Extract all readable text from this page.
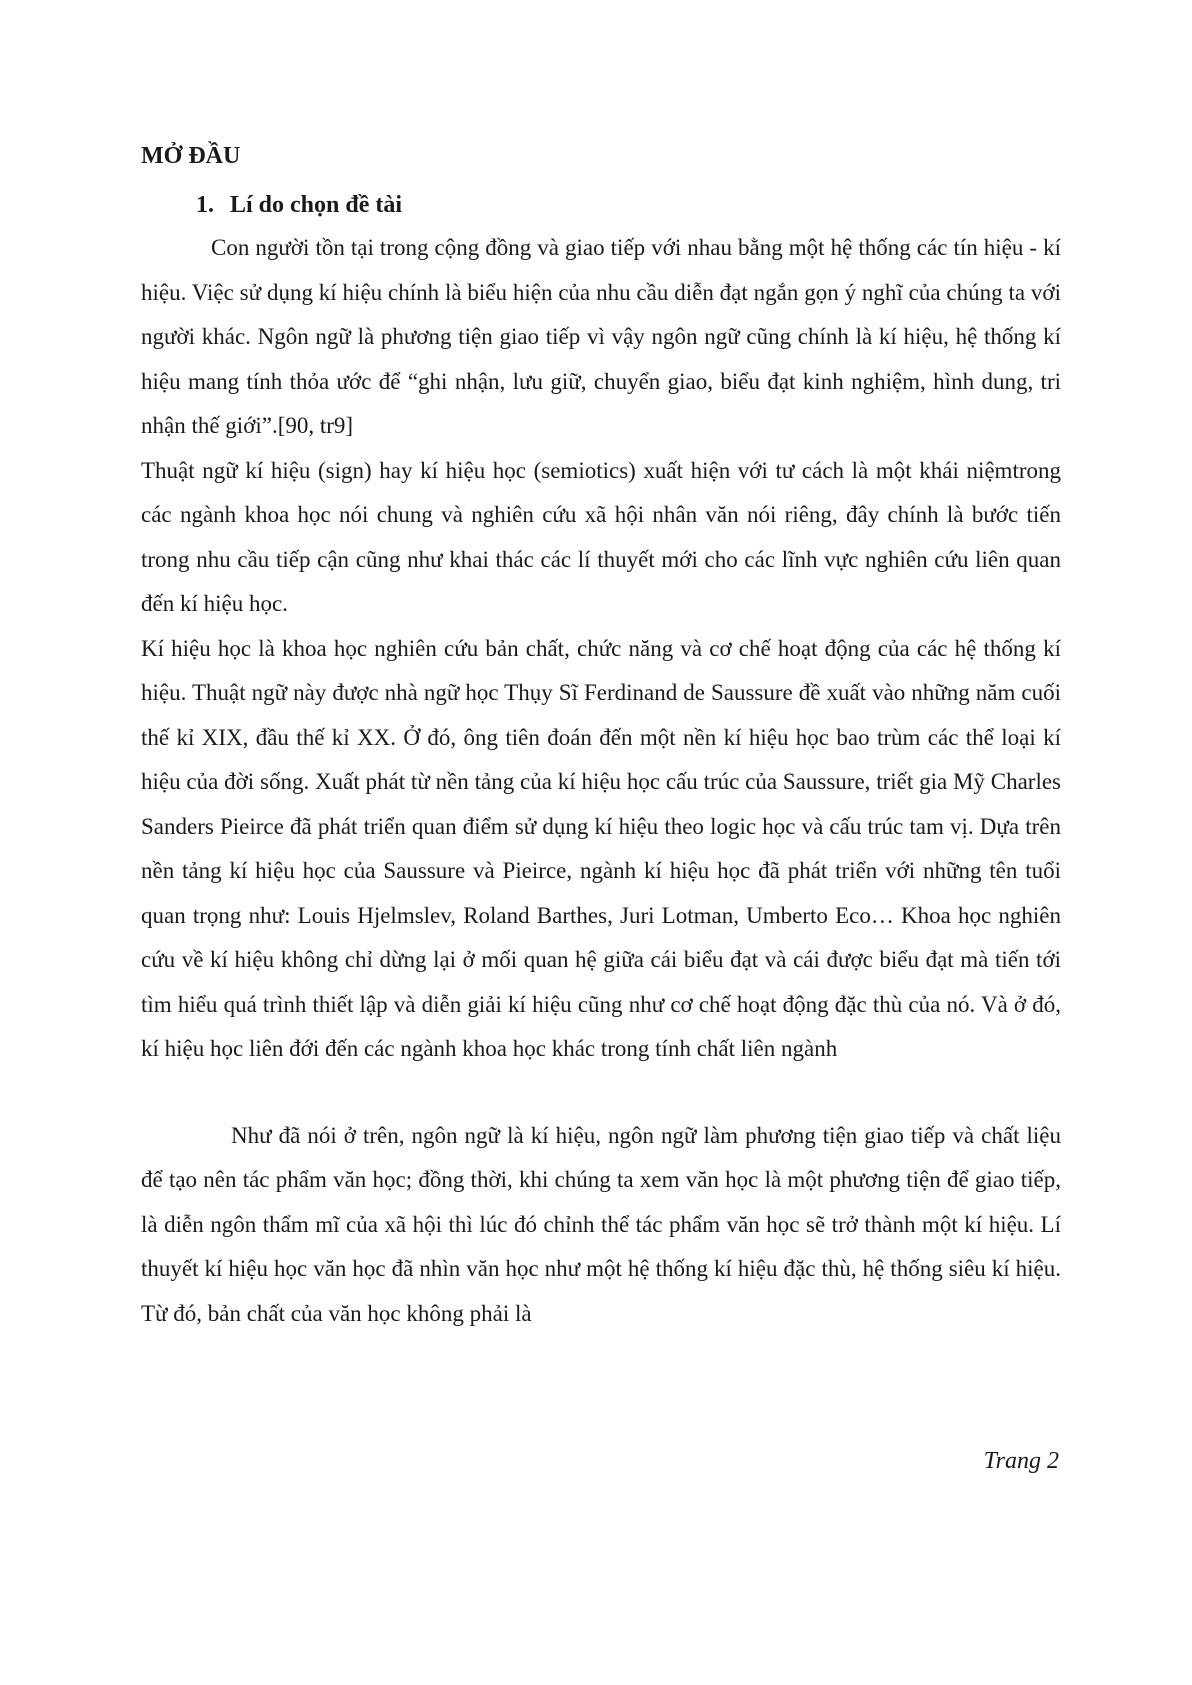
MỞ ĐẦU
1. Lí do chọn đề tài

Con người tồn tại trong cộng đồng và giao tiếp với nhau bằng một hệ thống các tín hiệu - kí hiệu. Việc sử dụng kí hiệu chính là biểu hiện của nhu cầu diễn đạt ngắn gọn ý nghĩ của chúng ta với người khác. Ngôn ngữ là phương tiện giao tiếp vì vậy ngôn ngữ cũng chính là kí hiệu, hệ thống kí hiệu mang tính thỏa ước để “ghi nhận, lưu giữ, chuyển giao, biểu đạt kinh nghiệm, hình dung, tri nhận thế giới”.[90, tr9]

Thuật ngữ kí hiệu (sign) hay kí hiệu học (semiotics) xuất hiện với tư cách là một khái niệmtrong các ngành khoa học nói chung và nghiên cứu xã hội nhân văn nói riêng, đây chính là bước tiến trong nhu cầu tiếp cận cũng như khai thác các lí thuyết mới cho các lĩnh vực nghiên cứu liên quan đến kí hiệu học.

Kí hiệu học là khoa học nghiên cứu bản chất, chức năng và cơ chế hoạt động của các hệ thống kí hiệu. Thuật ngữ này được nhà ngữ học Thụy Sĩ Ferdinand de Saussure đề xuất vào những năm cuối thế kỉ XIX, đầu thế kỉ XX. Ở đó, ông tiên đoán đến một nền kí hiệu học bao trùm các thể loại kí hiệu của đời sống. Xuất phát từ nền tảng của kí hiệu học cấu trúc của Saussure, triết gia Mỹ Charles Sanders Pieirce đã phát triển quan điểm sử dụng kí hiệu theo logic học và cấu trúc tam vị. Dựa trên nền tảng kí hiệu học của Saussure và Pieirce, ngành kí hiệu học đã phát triển với những tên tuổi quan trọng như: Louis Hjelmslev, Roland Barthes, Juri Lotman, Umberto Eco… Khoa học nghiên cứu về kí hiệu không chỉ dừng lại ở mối quan hệ giữa cái biểu đạt và cái được biểu đạt mà tiến tới tìm hiểu quá trình thiết lập và diễn giải kí hiệu cũng như cơ chế hoạt động đặc thù của nó. Và ở đó, kí hiệu học liên đới đến các ngành khoa học khác trong tính chất liên ngành

Như đã nói ở trên, ngôn ngữ là kí hiệu, ngôn ngữ làm phương tiện giao tiếp và chất liệu để tạo nên tác phẩm văn học; đồng thời, khi chúng ta xem văn học là một phương tiện để giao tiếp, là diễn ngôn thẩm mĩ của xã hội thì lúc đó chỉnh thể tác phẩm văn học sẽ trở thành một kí hiệu. Lí thuyết kí hiệu học văn học đã nhìn văn học như một hệ thống kí hiệu đặc thù, hệ thống siêu kí hiệu. Từ đó, bản chất của văn học không phải là

Trang 2
